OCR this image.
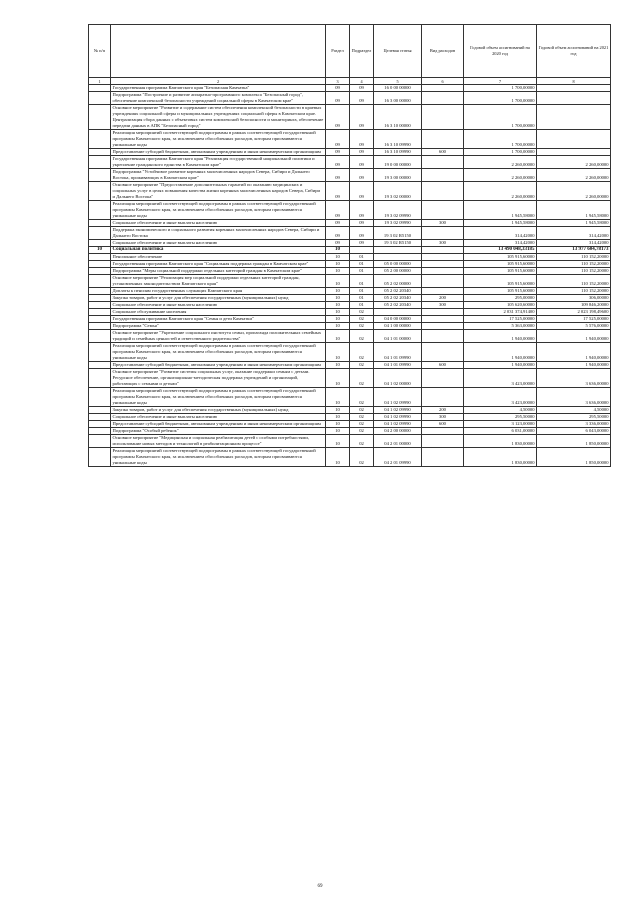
№ п/п		Раздел	Подраздел	Целевая статья	Вид расходов	Годовой объем ассигнований на 2020 год	Годовой объем ассигнований на 2021 год
1	2	3	4	5	6	7	8
	Государственная программа Камчатского края "Безопасная Камчатка"	09	09	16 0 00 00000		1 700,00000	
	Подпрограмма "Построение и развитие аппаратно-программного комплекса "Безопасный город", обеспечение комплексной безопасности учреждений социальной сферы в Камчатском крае"	09	09	16 3 00 00000		1 700,00000	
	Основное мероприятие "Развитие и содержание систем обеспечения комплексной безопасности в краевых учреждениях социальной сферы и муниципальных учреждениях социальной сферы в Камчатском крае. Централизация сбора данных с объектовых систем комплексной безопасности и мониторинга, обеспечение передачи данных в АПК "Безопасный город"	09	09	16 3 10 00000		1 700,00000	
	Реализация мероприятий соответствующей подпрограммы в рамках соответствующей государственной программы Камчатского края, за исключением обособленных расходов, которым присваиваются уникальные коды	09	09	16 3 10 09990		1 700,00000	
	Предоставление субсидий бюджетным, автономным учреждениям и иным некоммерческим организациям	09	09	16 3 10 09990	600	1 700,00000	
	Государственная программа Камчатского края "Реализация государственной национальной политики и укрепление гражданского единства в Камчатском крае"	09	09	19 0 00 00000		2 260,00000	2 260,00000
	Подпрограмма "Устойчивое развитие коренных малочисленных народов Севера, Сибири и Дальнего Востока, проживающих в Камчатском крае"	09	09	19 3 00 00000		2 260,00000	2 260,00000
	Основное мероприятие "Предоставление дополнительных гарантий по оказанию медицинских и социальных услуг в целях повышения качества жизни коренных малочисленных народов Севера, Сибири и Дальнего Востока"	09	09	19 3 02 00000		2 260,00000	2 260,00000
	Реализация мероприятий соответствующей подпрограммы в рамках соответствующей государственной программы Камчатского края, за исключением обособленных расходов, которым присваиваются уникальные коды	09	09	19 3 02 09990		1 945,58000	1 945,58000
	Социальное обеспечение и иные выплаты населению	09	09	19 3 02 09990	300	1 945,58000	1 945,58000
	Поддержка экономического и социального развития коренных малочисленных народов Севера, Сибири и Дальнего Востока	09	09	19 3 02 R5150		314,42000	314,42000
	Социальное обеспечение и иные выплаты населению	09	09	19 3 02 R5150	300	314,42000	314,42000
10	Социальная политика	10				13 490 048,33185	13 977 604,78173
	Пенсионное обеспечение	10	01			105 915,60000	110 152,20000
	Государственная программа Камчатского края "Социальная поддержка граждан в Камчатском крае"	10	01	05 0 00 00000		105 915,60000	110 152,20000
	Подпрограмма "Меры социальной поддержки отдельных категорий граждан в Камчатском крае"	10	01	05 2 00 00000		105 915,60000	110 152,20000
	Основное мероприятие "Реализация мер социальной поддержки отдельных категорий граждан, установленных законодательством Камчатского края"	10	01	05 2 02 00000		105 915,60000	110 152,20000
	Доплаты к пенсиям государственных служащих Камчатского края	10	01	05 2 02 20340		105 915,60000	110 152,20000
	Закупка товаров, работ и услуг для обеспечения государственных (муниципальных) нужд	10	01	05 2 02 20340	200	295,00000	306,00000
	Социальное обеспечение и иные выплаты населению	10	01	05 2 02 20340	300	105 620,60000	109 846,20000
	Социальное обслуживание населения	10	02			2 031 374,91400	2 023 198,49600
	Государственная программа Камчатского края "Семья и дети Камчатки"	10	02	04 0 00 00000		17 525,00000	17 525,00000
	Подпрограмма "Семья"	10	02	04 1 00 00000		5 363,00000	5 576,00000
	Основное мероприятие "Укрепление социального института семьи, пропаганда положительных семейных традиций и семейных ценностей и ответственного родительства"	10	02	04 1 01 00000		1 940,00000	1 940,00000
	Реализация мероприятий соответствующей подпрограммы в рамках соответствующей государственной программы Камчатского края, за исключением обособленных расходов, которым присваиваются уникальные коды	10	02	04 1 01 09990		1 940,00000	1 940,00000
	Предоставление субсидий бюджетным, автономным учреждениям и иным некоммерческим организациям	10	02	04 1 01 09990	600	1 940,00000	1 940,00000
	Основное мероприятие "Развитие системы социальных услуг, оказание поддержки семьям с детьми. Ресурсное обеспечение, организационно-методическая поддержка учреждений и организаций, работающих с семьями и детьми"	10	02	04 1 02 00000		3 423,00000	3 636,00000
	Реализация мероприятий соответствующей подпрограммы в рамках соответствующей государственной программы Камчатского края, за исключением обособленных расходов, которым присваиваются уникальные коды	10	02	04 1 02 09990		3 423,00000	3 636,00000
	Закупка товаров, работ и услуг для обеспечения государственных (муниципальных) нужд	10	02	04 1 02 09990	200	4,50000	4,50000
	Социальное обеспечение и иные выплаты населению	10	02	04 1 02 09990	300	295,50000	295,50000
	Предоставление субсидий бюджетным, автономным учреждениям и иным некоммерческим организациям	10	02	04 1 02 09990	600	3 123,00000	3 336,00000
	Подпрограмма "Особый ребенок"	10	02	04 2 00 00000		6 031,00000	6 043,00000
	Основное мероприятие "Медицинская и социальная реабилитация детей с особыми потребностями, использование новых методов и технологий в реабилитационном процессе"	10	02	04 2 01 00000		1 830,00000	1 850,00000
	Реализация мероприятий соответствующей подпрограммы в рамках соответствующей государственной программы Камчатского края, за исключением обособленных расходов, которым присваиваются уникальные коды	10	02	04 2 01 09990		1 830,00000	1 850,00000
69
